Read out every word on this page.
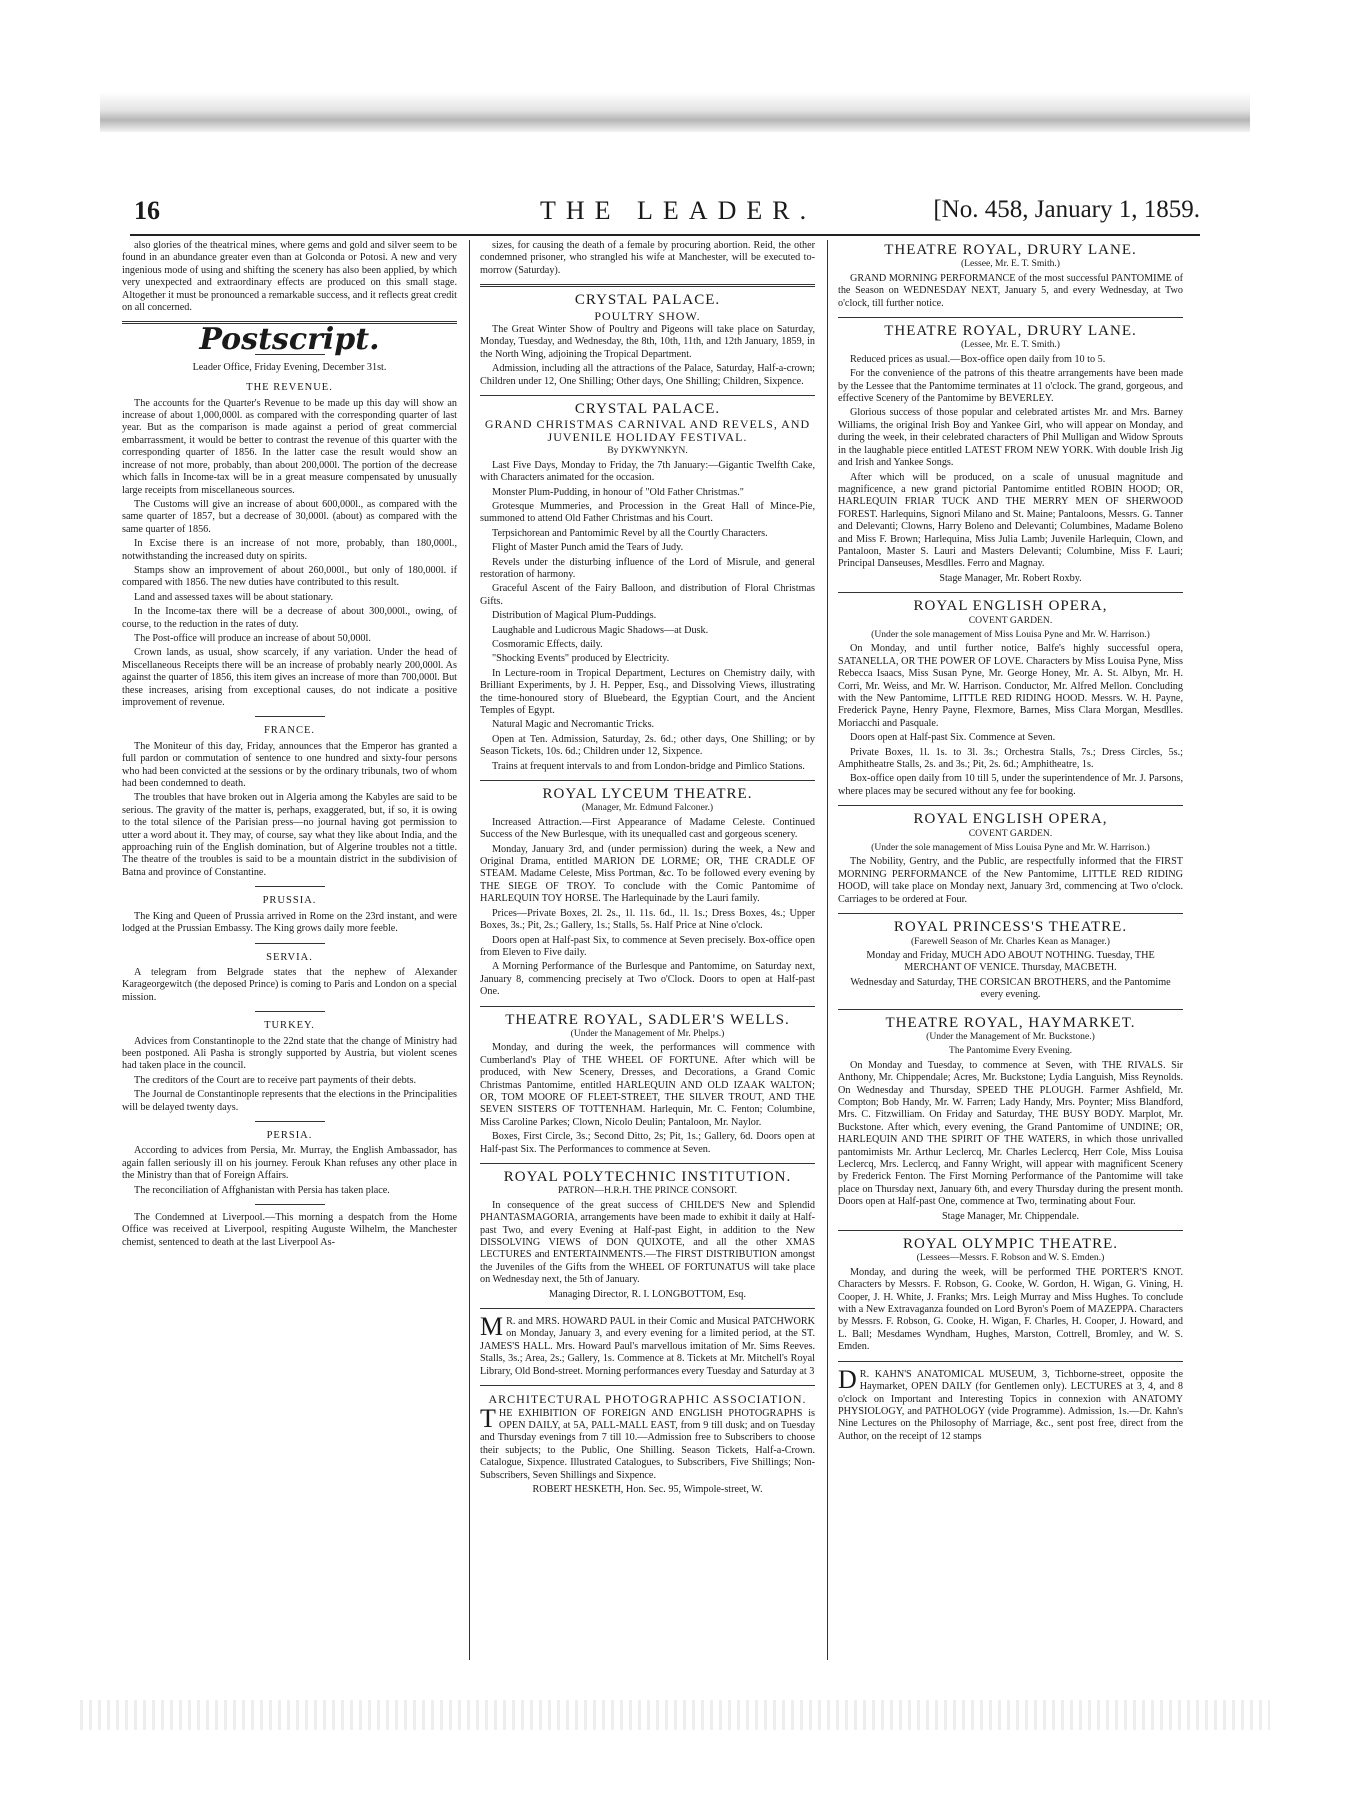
16	THE LEADER.	[No. 458, January 1, 1859.

also glories of the theatrical mines, where gems and gold and silver seem to be found in an abundance greater even than at Golconda or Potosi. A new and very ingenious mode of using and shifting the scenery has also been applied, by which very unexpected and extraordinary effects are produced on this small stage. Altogether it must be pronounced a remarkable success, and it reflects great credit on all concerned.

Postscript.

Leader Office, Friday Evening, December 31st.

THE REVENUE.

The accounts for the Quarter's Revenue to be made up this day will show an increase of about 1,000,000l. as compared with the corresponding quarter of last year. But as the comparison is made against a period of great commercial embarrassment, it would be better to contrast the revenue of this quarter with the corresponding quarter of 1856. In the latter case the result would show an increase of not more, probably, than about 200,000l. The portion of the decrease which falls in Income-tax will be in a great measure compensated by unusually large receipts from miscellaneous sources.

The Customs will give an increase of about 600,000l., as compared with the same quarter of 1857, but a decrease of 30,000l. (about) as compared with the same quarter of 1856.

In Excise there is an increase of not more, probably, than 180,000l., notwithstanding the increased duty on spirits.

Stamps show an improvement of about 260,000l., but only of 180,000l. if compared with 1856. The new duties have contributed to this result.

Land and assessed taxes will be about stationary.

In the Income-tax there will be a decrease of about 300,000l., owing, of course, to the reduction in the rates of duty.

The Post-office will produce an increase of about 50,000l.

Crown lands, as usual, show scarcely, if any variation. Under the head of Miscellaneous Receipts there will be an increase of probably nearly 200,000l. As against the quarter of 1856, this item gives an increase of more than 700,000l. But these increases, arising from exceptional causes, do not indicate a positive improvement of revenue.

FRANCE.

The Moniteur of this day, Friday, announces that the Emperor has granted a full pardon or commutation of sentence to one hundred and sixty-four persons who had been convicted at the sessions or by the ordinary tribunals, two of whom had been condemned to death.

The troubles that have broken out in Algeria among the Kabyles are said to be serious. The gravity of the matter is, perhaps, exaggerated, but, if so, it is owing to the total silence of the Parisian press—no journal having got permission to utter a word about it. They may, of course, say what they like about India, and the approaching ruin of the English domination, but of Algerine troubles not a tittle. The theatre of the troubles is said to be a mountain district in the subdivision of Batna and province of Constantine.

PRUSSIA.

The King and Queen of Prussia arrived in Rome on the 23rd instant, and were lodged at the Prussian Embassy. The King grows daily more feeble.

SERVIA.

A telegram from Belgrade states that the nephew of Alexander Karageorgewitch (the deposed Prince) is coming to Paris and London on a special mission.

TURKEY.

Advices from Constantinople to the 22nd state that the change of Ministry had been postponed. Ali Pasha is strongly supported by Austria, but violent scenes had taken place in the council.

The creditors of the Court are to receive part payments of their debts.

The Journal de Constantinople represents that the elections in the Principalities will be delayed twenty days.

PERSIA.

According to advices from Persia, Mr. Murray, the English Ambassador, has again fallen seriously ill on his journey. Ferouk Khan refuses any other place in the Ministry than that of Foreign Affairs.

The reconciliation of Affghanistan with Persia has taken place.

The Condemned at Liverpool.—This morning a despatch from the Home Office was received at Liverpool, respiting Auguste Wilhelm, the Manchester chemist, sentenced to death at the last Liverpool As-

sizes, for causing the death of a female by procuring abortion. Reid, the other condemned prisoner, who strangled his wife at Manchester, will be executed to-morrow (Saturday).

CRYSTAL PALACE.

POULTRY SHOW.

The Great Winter Show of Poultry and Pigeons will take place on Saturday, Monday, Tuesday, and Wednesday, the 8th, 10th, 11th, and 12th January, 1859, in the North Wing, adjoining the Tropical Department.

Admission, including all the attractions of the Palace, Saturday, Half-a-crown; Children under 12, One Shilling; Other days, One Shilling; Children, Sixpence.

CRYSTAL PALACE.

GRAND CHRISTMAS CARNIVAL AND REVELS, AND JUVENILE HOLIDAY FESTIVAL.

By DYKWYNKYN.

Last Five Days, Monday to Friday, the 7th January:—Gigantic Twelfth Cake, with Characters animated for the occasion.

Monster Plum-Pudding, in honour of "Old Father Christmas."

Grotesque Mummeries, and Procession in the Great Hall of Mince-Pie, summoned to attend Old Father Christmas and his Court.

Terpsichorean and Pantomimic Revel by all the Courtly Characters.

Flight of Master Punch amid the Tears of Judy.

Revels under the disturbing influence of the Lord of Misrule, and general restoration of harmony.

Graceful Ascent of the Fairy Balloon, and distribution of Floral Christmas Gifts.

Distribution of Magical Plum-Puddings.

Laughable and Ludicrous Magic Shadows—at Dusk.

Cosmoramic Effects, daily.

"Shocking Events" produced by Electricity.

In Lecture-room in Tropical Department, Lectures on Chemistry daily, with Brilliant Experiments, by J. H. Pepper, Esq., and Dissolving Views, illustrating the time-honoured story of Bluebeard, the Egyptian Court, and the Ancient Temples of Egypt.

Natural Magic and Necromantic Tricks.

Open at Ten. Admission, Saturday, 2s. 6d.; other days, One Shilling; or by Season Tickets, 10s. 6d.; Children under 12, Sixpence.

Trains at frequent intervals to and from London-bridge and Pimlico Stations.

ROYAL LYCEUM THEATRE.

(Manager, Mr. Edmund Falconer.)

Increased Attraction.—First Appearance of Madame Celeste. Continued Success of the New Burlesque, with its unequalled cast and gorgeous scenery.

Monday, January 3rd, and (under permission) during the week, a New and Original Drama, entitled MARION DE LORME; OR, THE CRADLE OF STEAM. Madame Celeste, Miss Portman, &c. To be followed every evening by THE SIEGE OF TROY. To conclude with the Comic Pantomime of HARLEQUIN TOY HORSE. The Harlequinade by the Lauri family.

Prices—Private Boxes, 2l. 2s., 1l. 11s. 6d., 1l. 1s.; Dress Boxes, 4s.; Upper Boxes, 3s.; Pit, 2s.; Gallery, 1s.; Stalls, 5s. Half Price at Nine o'clock.

Doors open at Half-past Six, to commence at Seven precisely. Box-office open from Eleven to Five daily.

A Morning Performance of the Burlesque and Pantomime, on Saturday next, January 8, commencing precisely at Two o'Clock. Doors to open at Half-past One.

THEATRE ROYAL, SADLER'S WELLS.

(Under the Management of Mr. Phelps.)

Monday, and during the week, the performances will commence with Cumberland's Play of THE WHEEL OF FORTUNE. After which will be produced, with New Scenery, Dresses, and Decorations, a Grand Comic Christmas Pantomime, entitled HARLEQUIN AND OLD IZAAK WALTON; OR, TOM MOORE OF FLEET-STREET, THE SILVER TROUT, AND THE SEVEN SISTERS OF TOTTENHAM. Harlequin, Mr. C. Fenton; Columbine, Miss Caroline Parkes; Clown, Nicolo Deulin; Pantaloon, Mr. Naylor.

Boxes, First Circle, 3s.; Second Ditto, 2s; Pit, 1s.; Gallery, 6d. Doors open at Half-past Six. The Performances to commence at Seven.

ROYAL POLYTECHNIC INSTITUTION.

PATRON—H.R.H. THE PRINCE CONSORT.

In consequence of the great success of CHILDE'S New and Splendid PHANTASMAGORIA, arrangements have been made to exhibit it daily at Half-past Two, and every Evening at Half-past Eight, in addition to the New DISSOLVING VIEWS of DON QUIXOTE, and all the other XMAS LECTURES and ENTERTAINMENTS.—The FIRST DISTRIBUTION amongst the Juveniles of the Gifts from the WHEEL OF FORTUNATUS will take place on Wednesday next, the 5th of January.

Managing Director, R. I. LONGBOTTOM, Esq.

M R. and MRS. HOWARD PAUL in their Comic and Musical PATCHWORK on Monday, January 3, and every evening for a limited period, at the ST. JAMES'S HALL. Mrs. Howard Paul's marvellous imitation of Mr. Sims Reeves. Stalls, 3s.; Area, 2s.; Gallery, 1s. Commence at 8. Tickets at Mr. Mitchell's Royal Library, Old Bond-street. Morning performances every Tuesday and Saturday at 3

ARCHITECTURAL PHOTOGRAPHIC ASSOCIATION.

THE EXHIBITION OF FOREIGN AND ENGLISH PHOTOGRAPHS is OPEN DAILY, at 5A, PALL-MALL EAST, from 9 till dusk; and on Tuesday and Thursday evenings from 7 till 10.—Admission free to Subscribers to choose their subjects; to the Public, One Shilling. Season Tickets, Half-a-Crown. Catalogue, Sixpence. Illustrated Catalogues, to Subscribers, Five Shillings; Non-Subscribers, Seven Shillings and Sixpence.

ROBERT HESKETH, Hon. Sec. 95, Wimpole-street, W.

THEATRE ROYAL, DRURY LANE.

(Lessee, Mr. E. T. Smith.)

GRAND MORNING PERFORMANCE of the most successful PANTOMIME of the Season on WEDNESDAY NEXT, January 5, and every Wednesday, at Two o'clock, till further notice.

THEATRE ROYAL, DRURY LANE.

(Lessee, Mr. E. T. Smith.)

Reduced prices as usual.—Box-office open daily from 10 to 5.

For the convenience of the patrons of this theatre arrangements have been made by the Lessee that the Pantomime terminates at 11 o'clock. The grand, gorgeous, and effective Scenery of the Pantomime by BEVERLEY.

Glorious success of those popular and celebrated artistes Mr. and Mrs. Barney Williams, the original Irish Boy and Yankee Girl, who will appear on Monday, and during the week, in their celebrated characters of Phil Mulligan and Widow Sprouts in the laughable piece entitled LATEST FROM NEW YORK. With double Irish Jig and Irish and Yankee Songs.

After which will be produced, on a scale of unusual magnitude and magnificence, a new grand pictorial Pantomime entitled ROBIN HOOD; OR, HARLEQUIN FRIAR TUCK AND THE MERRY MEN OF SHERWOOD FOREST. Harlequins, Signori Milano and St. Maine; Pantaloons, Messrs. G. Tanner and Delevanti; Clowns, Harry Boleno and Delevanti; Columbines, Madame Boleno and Miss F. Brown; Harlequina, Miss Julia Lamb; Juvenile Harlequin, Clown, and Pantaloon, Master S. Lauri and Masters Delevanti; Columbine, Miss F. Lauri; Principal Danseuses, Mesdlles. Ferro and Magnay.

Stage Manager, Mr. Robert Roxby.

ROYAL ENGLISH OPERA,

COVENT GARDEN.

(Under the sole management of Miss Louisa Pyne and Mr. W. Harrison.)

On Monday, and until further notice, Balfe's highly successful opera, SATANELLA, OR THE POWER OF LOVE. Characters by Miss Louisa Pyne, Miss Rebecca Isaacs, Miss Susan Pyne, Mr. George Honey, Mr. A. St. Albyn, Mr. H. Corri, Mr. Weiss, and Mr. W. Harrison. Conductor, Mr. Alfred Mellon. Concluding with the New Pantomime, LITTLE RED RIDING HOOD. Messrs. W. H. Payne, Frederick Payne, Henry Payne, Flexmore, Barnes, Miss Clara Morgan, Mesdlles. Moriacchi and Pasquale.

Doors open at Half-past Six. Commence at Seven.

Private Boxes, 1l. 1s. to 3l. 3s.; Orchestra Stalls, 7s.; Dress Circles, 5s.; Amphitheatre Stalls, 2s. and 3s.; Pit, 2s. 6d.; Amphitheatre, 1s.

Box-office open daily from 10 till 5, under the superintendence of Mr. J. Parsons, where places may be secured without any fee for booking.

ROYAL ENGLISH OPERA,

COVENT GARDEN.

(Under the sole management of Miss Louisa Pyne and Mr. W. Harrison.)

The Nobility, Gentry, and the Public, are respectfully informed that the FIRST MORNING PERFORMANCE of the New Pantomime, LITTLE RED RIDING HOOD, will take place on Monday next, January 3rd, commencing at Two o'clock. Carriages to be ordered at Four.

ROYAL PRINCESS'S THEATRE.

(Farewell Season of Mr. Charles Kean as Manager.)

Monday and Friday, MUCH ADO ABOUT NOTHING. Tuesday, THE MERCHANT OF VENICE. Thursday, MACBETH.

Wednesday and Saturday, THE CORSICAN BROTHERS, and the Pantomime every evening.

THEATRE ROYAL, HAYMARKET.

(Under the Management of Mr. Buckstone.)

The Pantomime Every Evening.

On Monday and Tuesday, to commence at Seven, with THE RIVALS. Sir Anthony, Mr. Chippendale; Acres, Mr. Buckstone; Lydia Languish, Miss Reynolds. On Wednesday and Thursday, SPEED THE PLOUGH. Farmer Ashfield, Mr. Compton; Bob Handy, Mr. W. Farren; Lady Handy, Mrs. Poynter; Miss Blandford, Mrs. C. Fitzwilliam. On Friday and Saturday, THE BUSY BODY. Marplot, Mr. Buckstone. After which, every evening, the Grand Pantomime of UNDINE; OR, HARLEQUIN AND THE SPIRIT OF THE WATERS, in which those unrivalled pantomimists Mr. Arthur Leclercq, Mr. Charles Leclercq, Herr Cole, Miss Louisa Leclercq, Mrs. Leclercq, and Fanny Wright, will appear with magnificent Scenery by Frederick Fenton. The First Morning Performance of the Pantomime will take place on Thursday next, January 6th, and every Thursday during the present month. Doors open at Half-past One, commence at Two, terminating about Four.

Stage Manager, Mr. Chippendale.

ROYAL OLYMPIC THEATRE.

(Lessees—Messrs. F. Robson and W. S. Emden.)

Monday, and during the week, will be performed THE PORTER'S KNOT. Characters by Messrs. F. Robson, G. Cooke, W. Gordon, H. Wigan, G. Vining, H. Cooper, J. H. White, J. Franks; Mrs. Leigh Murray and Miss Hughes. To conclude with a New Extravaganza founded on Lord Byron's Poem of MAZEPPA. Characters by Messrs. F. Robson, G. Cooke, H. Wigan, F. Charles, H. Cooper, J. Howard, and L. Ball; Mesdames Wyndham, Hughes, Marston, Cottrell, Bromley, and W. S. Emden.

D R. KAHN'S ANATOMICAL MUSEUM, 3, Tichborne-street, opposite the Haymarket, OPEN DAILY (for Gentlemen only). LECTURES at 3, 4, and 8 o'clock on Important and Interesting Topics in connexion with ANATOMY PHYSIOLOGY, and PATHOLOGY (vide Programme). Admission, 1s.—Dr. Kahn's Nine Lectures on the Philosophy of Marriage, &c., sent post free, direct from the Author, on the receipt of 12 stamps
